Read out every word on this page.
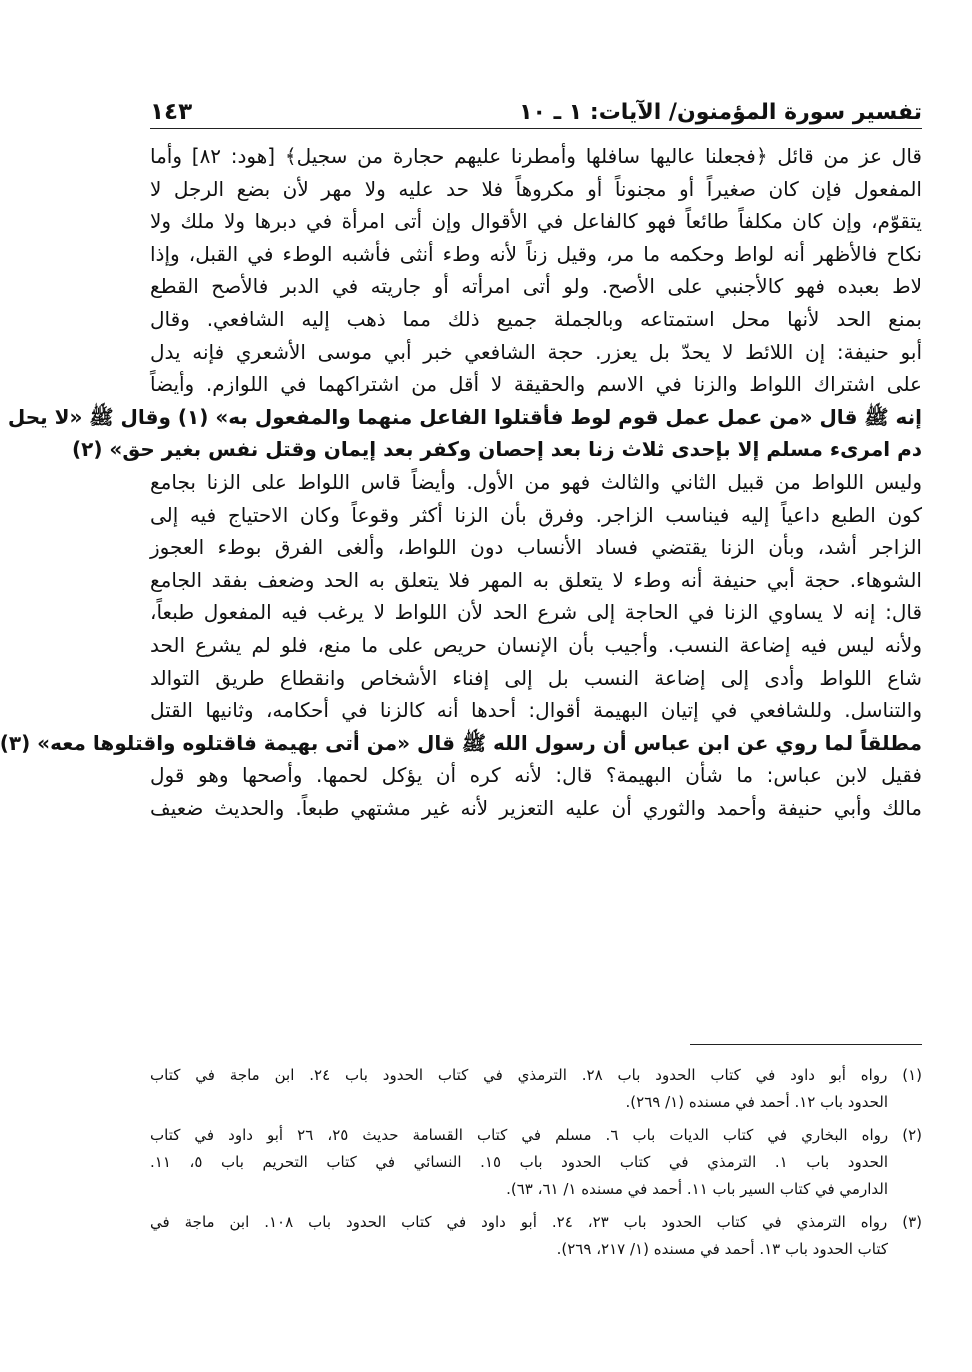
تفسير سورة المؤمنون/ الآيات: ١ ـ ١٠
١٤٣
قال عز من قائل ﴿فجعلنا عاليها سافلها وأمطرنا عليهم حجارة من سجيل﴾ [هود: ٨٢] وأما
المفعول فإن كان صغيراً أو مجنوناً أو مكروهاً فلا حد عليه ولا مهر لأن بضع الرجل لا
يتقوّم، وإن كان مكلفاً طائعاً فهو كالفاعل في الأقوال وإن أتى امرأة في دبرها ولا ملك ولا
نكاح فالأظهر أنه لواط وحكمه ما مر، وقيل زناً لأنه وطء أنثى فأشبه الوطء في القبل، وإذا
لاط بعبده فهو كالأجنبي على الأصح. ولو أتى امرأته أو جاريته في الدبر فالأصح القطع
بمنع الحد لأنها محل استمتاعه وبالجملة جميع ذلك مما ذهب إليه الشافعي. وقال
أبو حنيفة: إن اللائط لا يحدّ بل يعزر. حجة الشافعي خبر أبي موسى الأشعري فإنه يدل
على اشتراك اللواط والزنا في الاسم والحقيقة لا أقل من اشتراكهما في اللوازم. وأيضاً
إنه ﷺ قال «من عمل عمل قوم لوط فأقتلوا الفاعل منهما والمفعول به» (١) وقال ﷺ «لا يحل
دم امرىء مسلم إلا بإحدى ثلاث زنا بعد إحصان وكفر بعد إيمان وقتل نفس بغير حق» (٢)
وليس اللواط من قبيل الثاني والثالث فهو من الأول. وأيضاً قاس اللواط على الزنا بجامع
كون الطبع داعياً إليه فيناسب الزاجر. وفرق بأن الزنا أكثر وقوعاً وكان الاحتياج فيه إلى
الزاجر أشد، وبأن الزنا يقتضي فساد الأنساب دون اللواط، وألغى الفرق بوطء العجوز
الشوهاء. حجة أبي حنيفة أنه وطء لا يتعلق به المهر فلا يتعلق به الحد وضعف بفقد الجامع
قال: إنه لا يساوي الزنا في الحاجة إلى شرع الحد لأن اللواط لا يرغب فيه المفعول طبعاً،
ولأنه ليس فيه إضاعة النسب. وأجيب بأن الإنسان حريص على ما منع، فلو لم يشرع الحد
شاع اللواط وأدى إلى إضاعة النسب بل إلى إفناء الأشخاص وانقطاع طريق التوالد
والتناسل. وللشافعي في إتيان البهيمة أقوال: أحدها أنه كالزنا في أحكامه، وثانيها القتل
مطلقاً لما روي عن ابن عباس أن رسول الله ﷺ قال «من أتى بهيمة فاقتلوه واقتلوها معه» (٣)
فقيل لابن عباس: ما شأن البهيمة؟ قال: لأنه كره أن يؤكل لحمها. وأصحها وهو قول
مالك وأبي حنيفة وأحمد والثوري أن عليه التعزير لأنه غير مشتهي طبعاً. والحديث ضعيف
(١) رواه أبو داود في كتاب الحدود باب ٢٨. الترمذي في كتاب الحدود باب ٢٤. ابن ماجة في كتاب
الحدود باب ١٢. أحمد في مسنده (١/ ٢٦٩).
(٢) رواه البخاري في كتاب الديات باب ٦. مسلم في كتاب القسامة حديث ٢٥، ٢٦ أبو داود في كتاب
الحدود باب ١. الترمذي في كتاب الحدود باب ١٥. النسائي في كتاب التحريم باب ٥، ١١.
الدارمي في كتاب السير باب ١١. أحمد في مسنده ١/ ٦١، ٦٣).
(٣) رواه الترمذي في كتاب الحدود باب ٢٣، ٢٤. أبو داود في كتاب الحدود باب ١٠٨. ابن ماجة في
كتاب الحدود باب ١٣. أحمد في مسنده (١/ ٢١٧، ٢٦٩).
